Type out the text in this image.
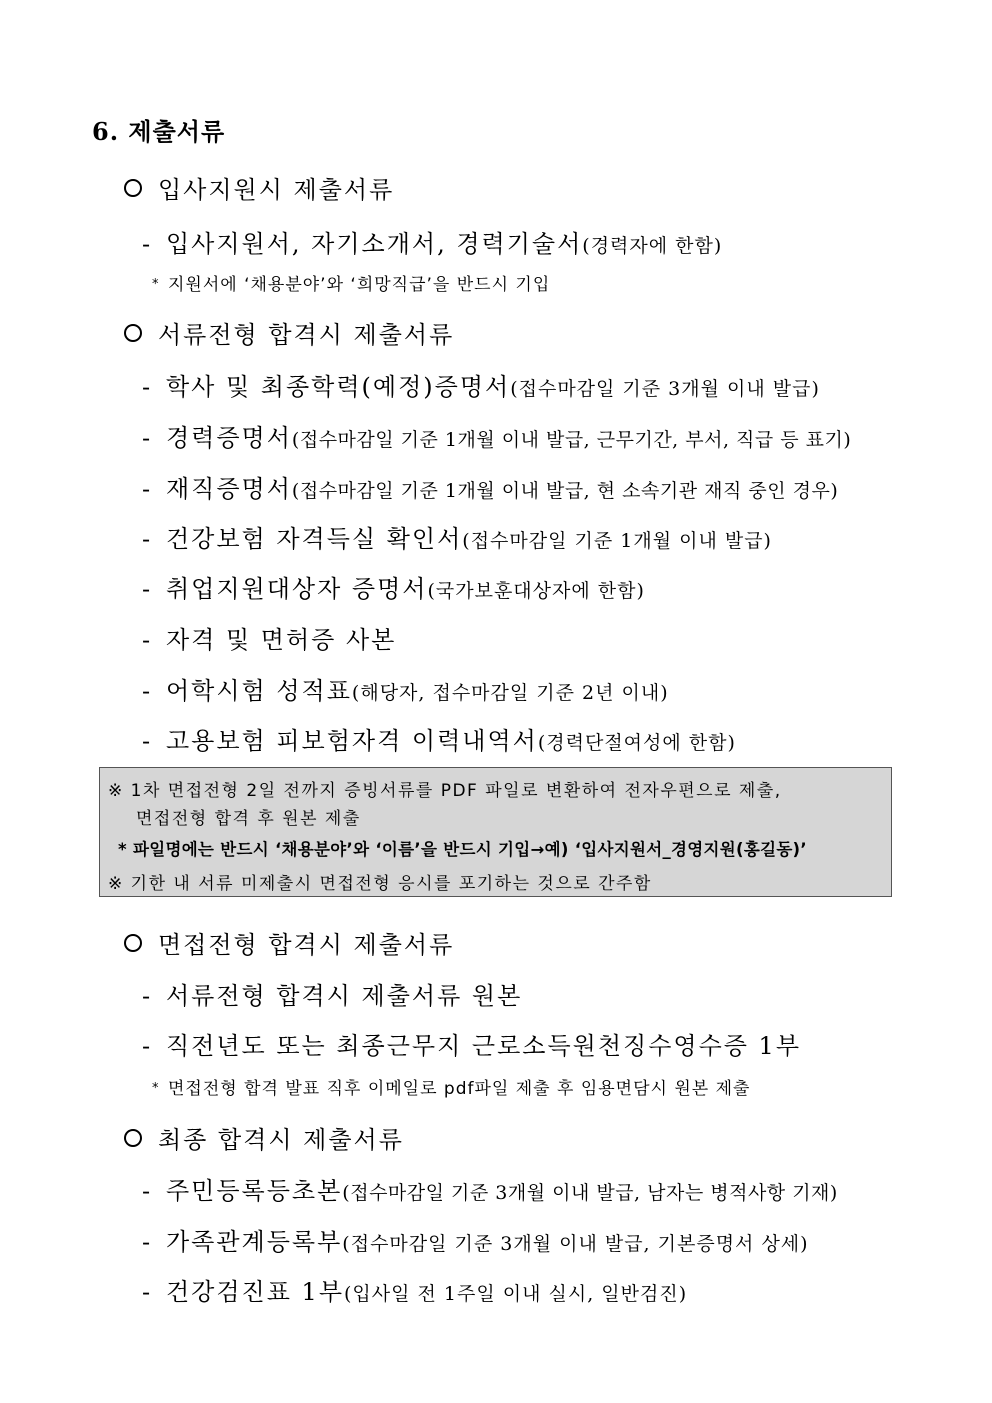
6. 제출서류
입사지원시 제출서류
- 입사지원서, 자기소개서, 경력기술서(경력자에 한함)
* 지원서에 ‘채용분야’와 ‘희망직급’을 반드시 기입
서류전형 합격시 제출서류
- 학사 및 최종학력(예정)증명서(접수마감일 기준 3개월 이내 발급)
- 경력증명서(접수마감일 기준 1개월 이내 발급, 근무기간, 부서, 직급 등 표기)
- 재직증명서(접수마감일 기준 1개월 이내 발급, 현 소속기관 재직 중인 경우)
- 건강보험 자격득실 확인서(접수마감일 기준 1개월 이내 발급)
- 취업지원대상자 증명서(국가보훈대상자에 한함)
- 자격 및 면허증 사본
- 어학시험 성적표(해당자, 접수마감일 기준 2년 이내)
- 고용보험 피보험자격 이력내역서(경력단절여성에 한함)
※ 1차 면접전형 2일 전까지 증빙서류를 PDF 파일로 변환하여 전자우편으로 제출,
면접전형 합격 후 원본 제출
* 파일명에는 반드시 ‘채용분야’와 ‘이름’을 반드시 기입→예) ‘입사지원서_경영지원(홍길동)’
※ 기한 내 서류 미제출시 면접전형 응시를 포기하는 것으로 간주함
면접전형 합격시 제출서류
- 서류전형 합격시 제출서류 원본
- 직전년도 또는 최종근무지 근로소득원천징수영수증 1부
* 면접전형 합격 발표 직후 이메일로 pdf파일 제출 후 임용면담시 원본 제출
최종 합격시 제출서류
- 주민등록등초본(접수마감일 기준 3개월 이내 발급, 남자는 병적사항 기재)
- 가족관계등록부(접수마감일 기준 3개월 이내 발급, 기본증명서 상세)
- 건강검진표 1부(입사일 전 1주일 이내 실시, 일반검진)
